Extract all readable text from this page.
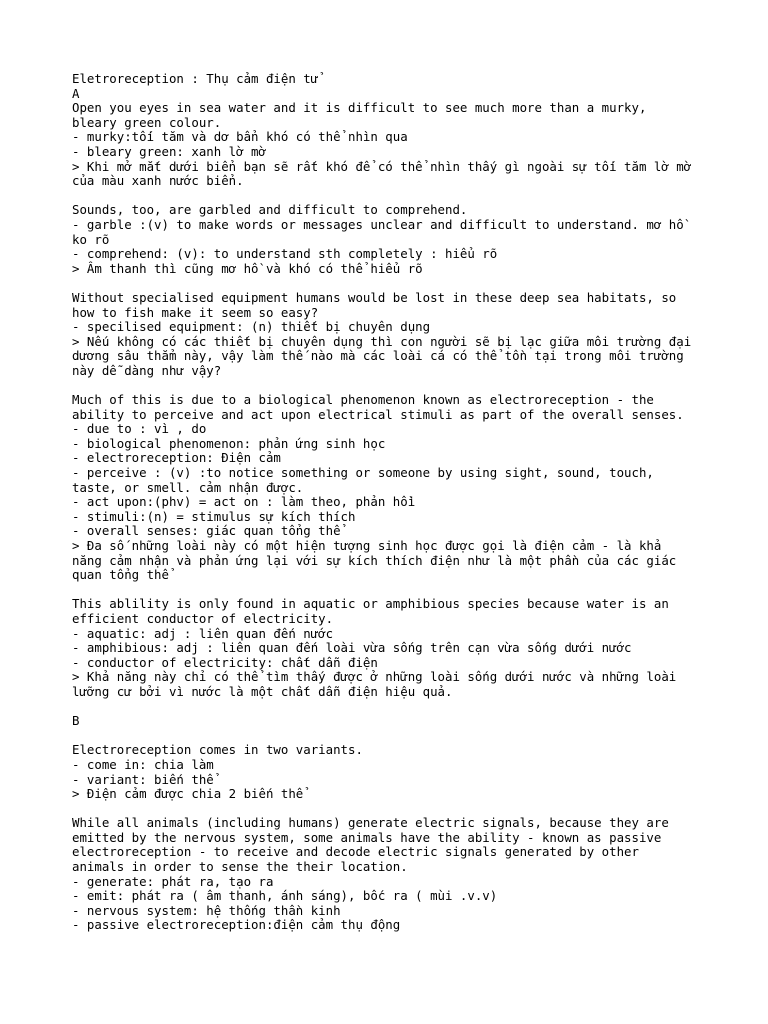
Eletroreception : Thụ cảm điện tử
A
Open you eyes in sea water and it is difficult to see much more than a murky,
bleary green colour.
- murky:tối tăm và dơ bẩn khó có thể nhìn qua
- bleary green: xanh lờ mờ
> Khi mở mắt dưới biển bạn sẽ rất khó để có thể nhìn thấy gì ngoài sự tối tăm lờ mờ
của màu xanh nước biển.
Sounds, too, are garbled and difficult to comprehend.
- garble :(v) to make words or messages unclear and difficult to understand. mơ hồ
ko rõ
- comprehend: (v): to understand sth completely : hiểu rõ
> Âm thanh thì cũng mơ hồ và khó có thể hiểu rõ
Without specialised equipment humans would be lost in these deep sea habitats, so
how to fish make it seem so easy?
- specilised equipment: (n) thiết bị chuyên dụng
> Nếu không có các thiết bị chuyên dụng thì con người sẽ bị lạc giữa môi trường đại
dương sâu thẳm này, vậy làm thế nào mà các loài cá có thể tồn tại trong môi trường
này dễ dàng như vậy?
Much of this is due to a biological phenomenon known as electroreception - the
ability to perceive and act upon electrical stimuli as part of the overall senses.
- due to : vì , do
- biological phenomenon: phản ứng sinh học
- electroreception: Điện cảm
- perceive : (v) :to notice something or someone by using sight, sound, touch,
taste, or smell. cảm nhận được.
- act upon:(phv) = act on : làm theo, phản hồi
- stimuli:(n) = stimulus sự kích thích
- overall senses: giác quan tổng thể
> Đa số những loài này có một hiện tượng sinh học được gọi là điện cảm - là khả
năng cảm nhận và phản ứng lại với sự kích thích điện như là một phần của các giác
quan tổng thể
This ablility is only found in aquatic or amphibious species because water is an
efficient conductor of electricity.
- aquatic: adj : liên quan đến nước
- amphibious: adj : liên quan đến loài vừa sống trên cạn vừa sống dưới nước
- conductor of electricity: chất dẫn điện
> Khả năng này chỉ có thể tìm thấy được ở những loài sống dưới nước và những loài
lưỡng cư bởi vì nước là một chất dẫn điện hiệu quả.
B
Electroreception comes in two variants.
- come in: chia làm
- variant: biến thể
> Điện cảm được chia 2 biến thể
While all animals (including humans) generate electric signals, because they are
emitted by the nervous system, some animals have the ability - known as passive
electroreception - to receive and decode electric signals generated by other
animals in order to sense the their location.
- generate: phát ra, tạo ra
- emit: phát ra ( âm thanh, ánh sáng), bốc ra ( mùi .v.v)
- nervous system: hệ thống thần kinh
- passive electroreception:điện cảm thụ động
